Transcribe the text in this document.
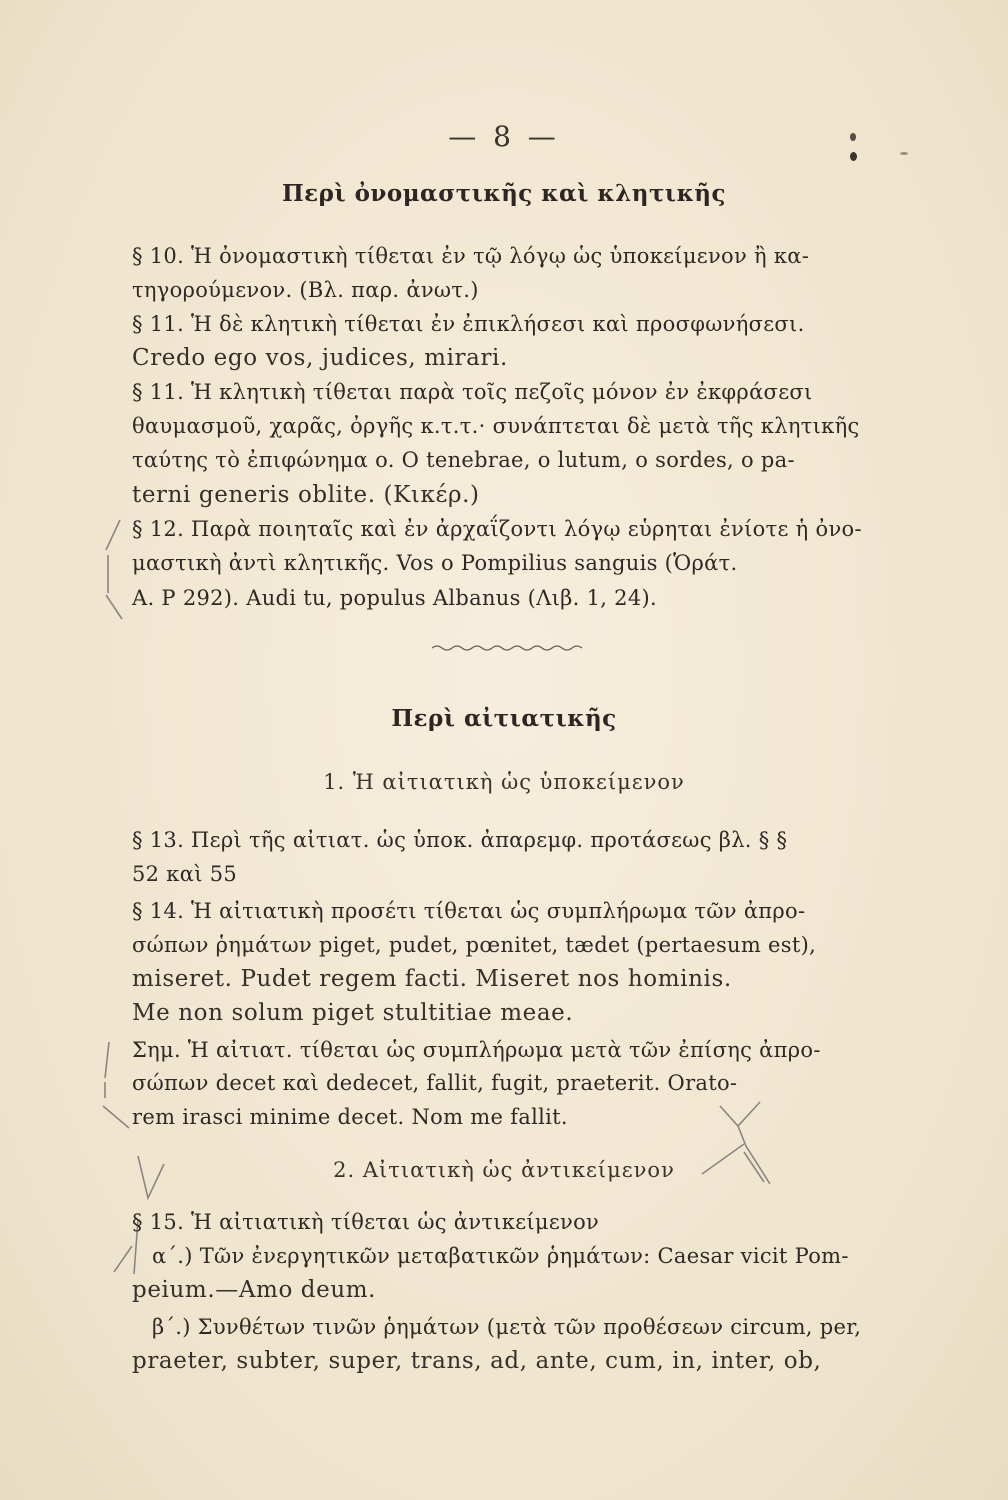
— 8 —
Περὶ ὀνομαστικῆς καὶ κλητικῆς
§ 10. Ἡ ὀνομαστικὴ τίθεται ἐν τῷ λόγῳ ὡς ὑποκείμενον ἢ κα-
τηγορούμενον. (Βλ. παρ. ἀνωτ.)
§ 11. Ἡ δὲ κλητικὴ τίθεται ἐν ἐπικλήσεσι καὶ προσφωνήσεσι.
Credo ego vos, judices, mirari.
§ 11. Ἡ κλητικὴ τίθεται παρὰ τοῖς πεζοῖς μόνον ἐν ἐκφράσεσι
θαυμασμοῦ, χαρᾶς, ὀργῆς κ.τ.τ.· συνάπτεται δὲ μετὰ τῆς κλητικῆς
ταύτης τὸ ἐπιφώνημα o. O tenebrae, o lutum, o sordes, o pa-
terni generis oblite. (Κικέρ.)
§ 12. Παρὰ ποιηταῖς καὶ ἐν ἀρχαΐζοντι λόγῳ εὑρηται ἐνίοτε ἡ ὀνο-
μαστικὴ ἀντὶ κλητικῆς. Vos o Pompilius sanguis (Ὁράτ.
A. P 292). Audi tu, populus Albanus (Λιβ. 1, 24).
Περὶ αἰτιατικῆς
1. Ἡ αἰτιατικὴ ὡς ὑποκείμενον
§ 13. Περὶ τῆς αἰτιατ. ὡς ὑποκ. ἀπαρεμφ. προτάσεως βλ. § §
52 καὶ 55
§ 14. Ἡ αἰτιατικὴ προσέτι τίθεται ὡς συμπλήρωμα τῶν ἀπρο-
σώπων ῥημάτων piget, pudet, pœnitet, tædet (pertaesum est),
miseret. Pudet regem facti. Miseret nos hominis.
Me non solum piget stultitiae meae.
Σημ. Ἡ αἰτιατ. τίθεται ὡς συμπλήρωμα μετὰ τῶν ἐπίσης ἀπρο-
σώπων decet καὶ dedecet, fallit, fugit, praeterit. Orato-
rem irasci minime decet. Nom me fallit.
2. Αἰτιατικὴ ὡς ἀντικείμενον
§ 15. Ἡ αἰτιατικὴ τίθεται ὡς ἀντικείμενον
α΄.) Τῶν ἐνεργητικῶν μεταβατικῶν ῥημάτων: Caesar vicit Pom-
peium.—Amo deum.
β΄.) Συνθέτων τινῶν ῥημάτων (μετὰ τῶν προθέσεων circum, per,
praeter, subter, super, trans, ad, ante, cum, in, inter, ob,
